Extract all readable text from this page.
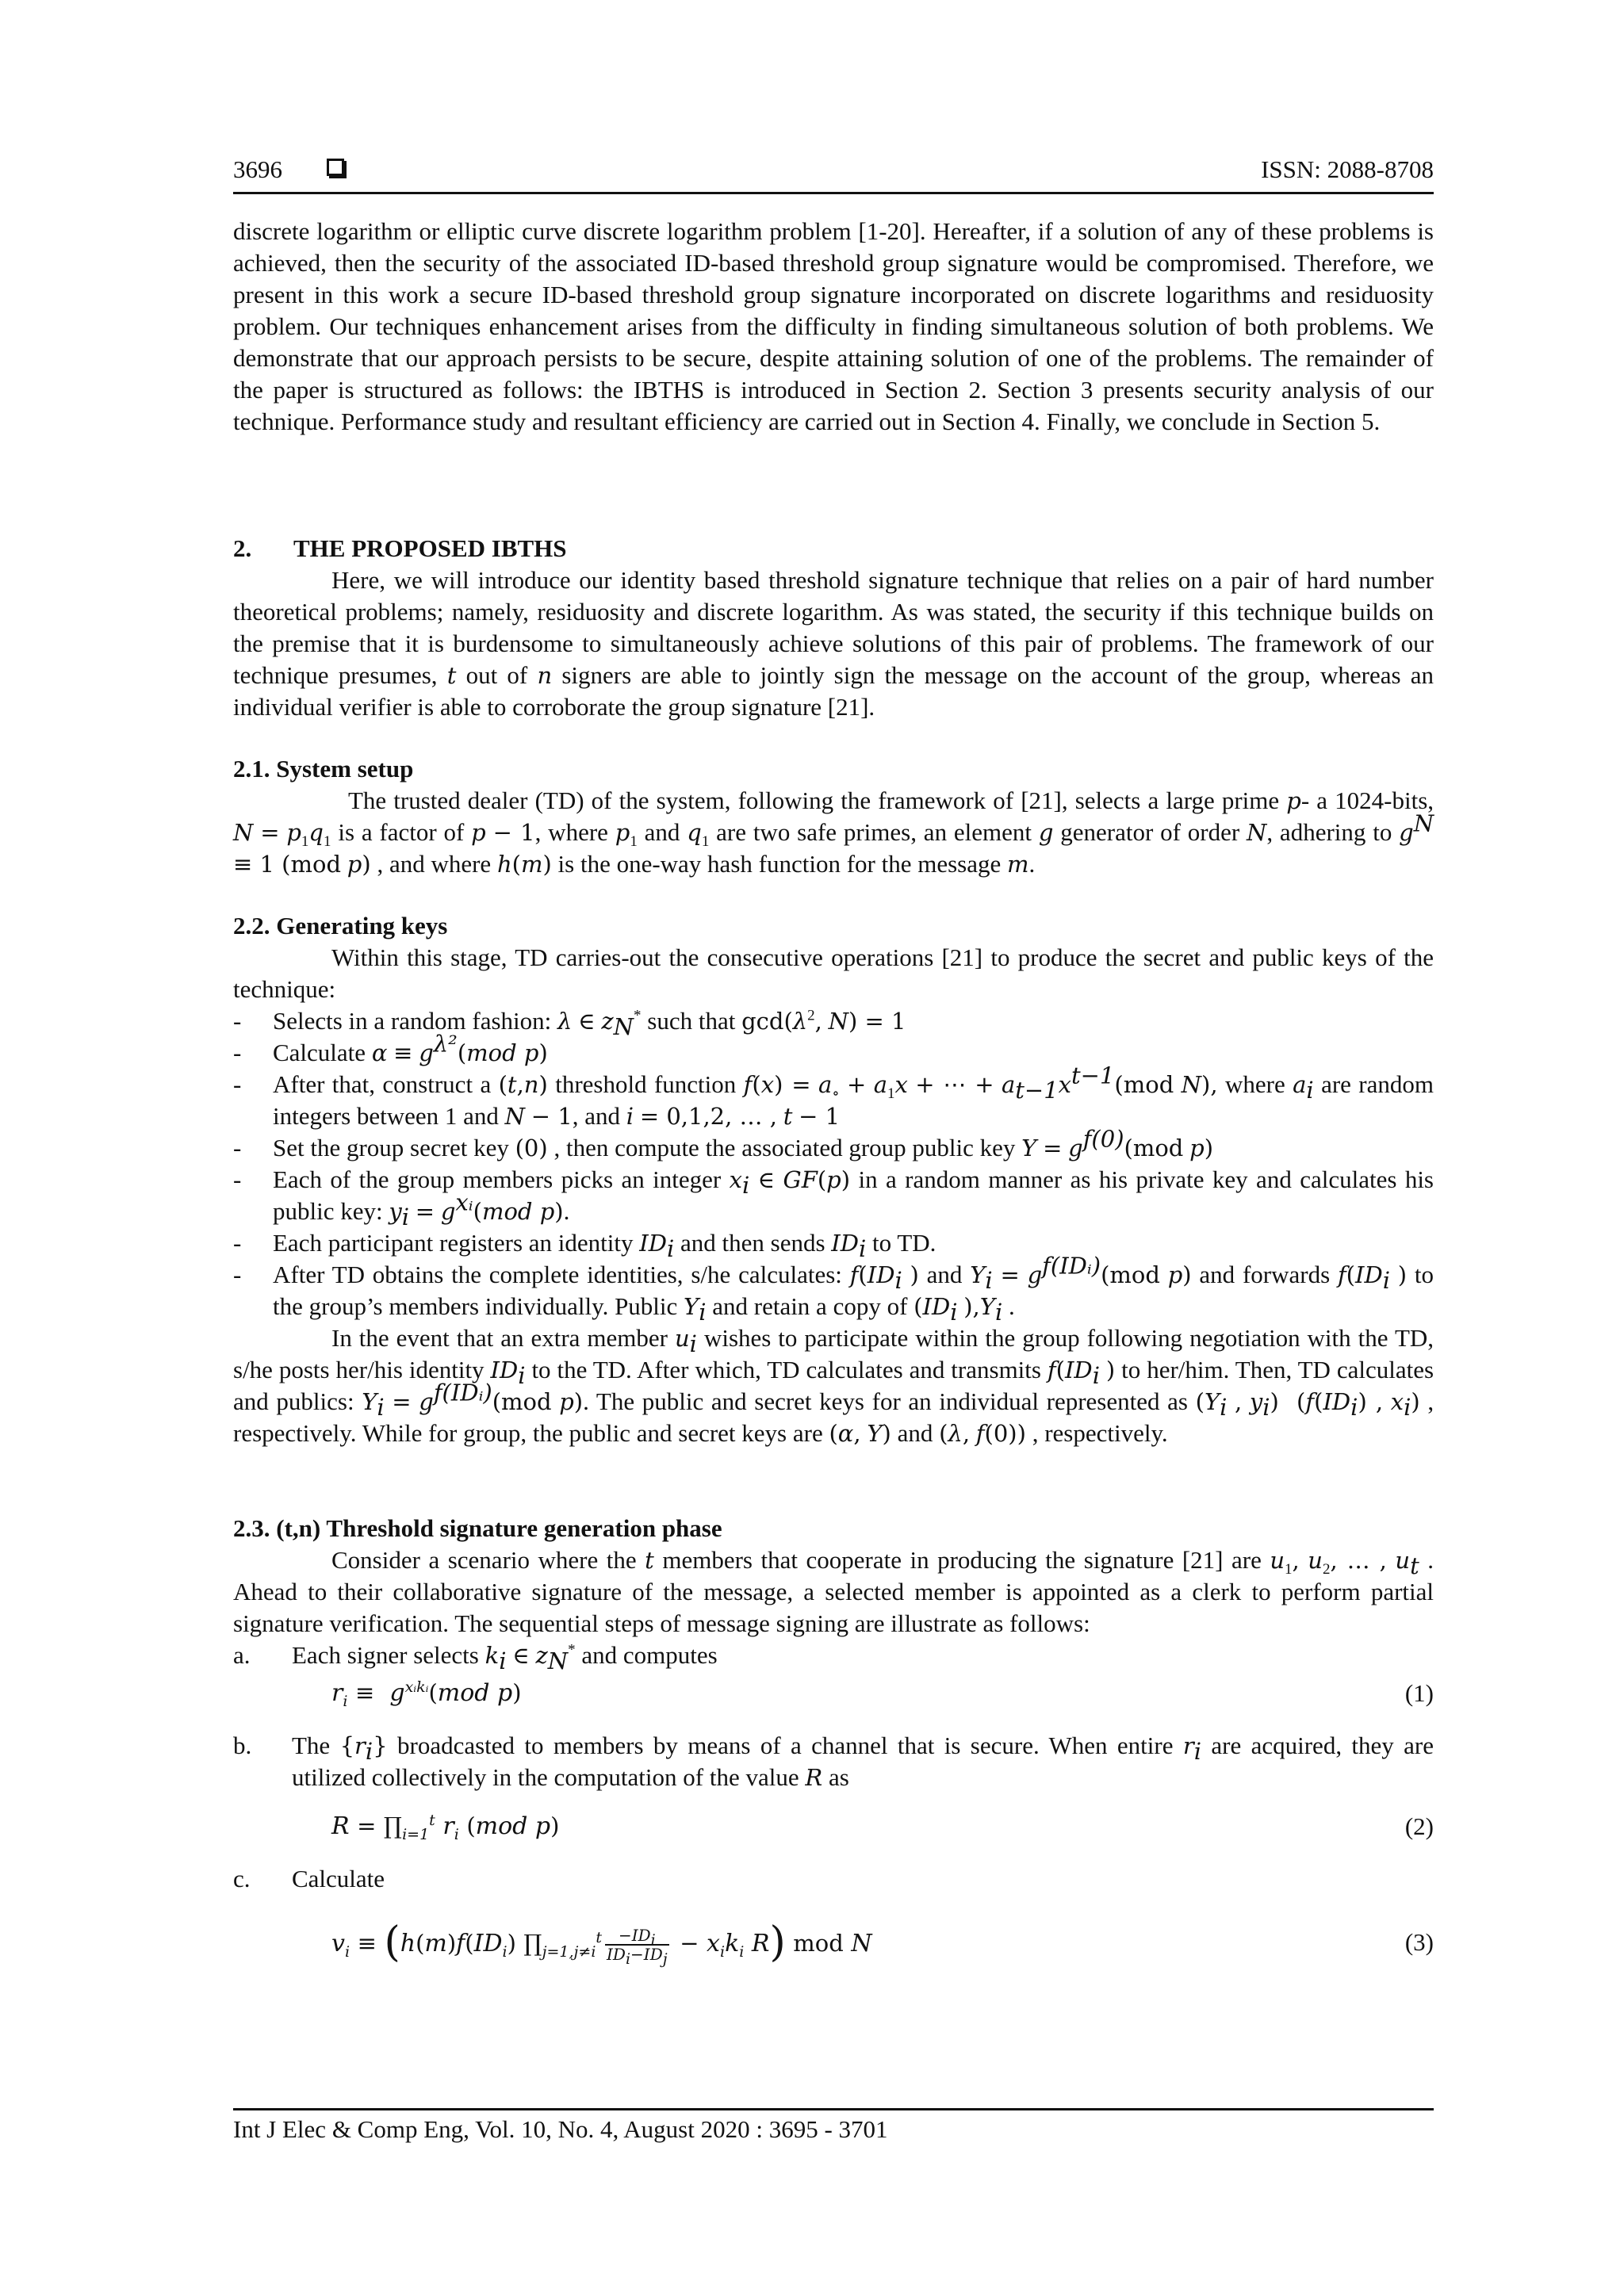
3696	ISSN: 2088-8708

discrete logarithm or elliptic curve discrete logarithm problem [1-20]. Hereafter, if a solution of any of these problems is achieved, then the security of the associated ID-based threshold group signature would be compromised. Therefore, we present in this work a secure ID-based threshold group signature incorporated on discrete logarithms and residuosity problem. Our techniques enhancement arises from the difficulty in finding simultaneous solution of both problems. We demonstrate that our approach persists to be secure, despite attaining solution of one of the problems. The remainder of the paper is structured as follows: the IBTHS is introduced in Section 2. Section 3 presents security analysis of our technique. Performance study and resultant efficiency are carried out in Section 4. Finally, we conclude in Section 5.

2. THE PROPOSED IBTHS

Here, we will introduce our identity based threshold signature technique that relies on a pair of hard number theoretical problems; namely, residuosity and discrete logarithm. As was stated, the security if this technique builds on the premise that it is burdensome to simultaneously achieve solutions of this pair of problems. The framework of our technique presumes, t out of n signers are able to jointly sign the message on the account of the group, whereas an individual verifier is able to corroborate the group signature [21].

2.1. System setup

The trusted dealer (TD) of the system, following the framework of [21], selects a large prime p- a 1024-bits, $N = p_1q_1$ is a factor of p − 1, where $p_1$ and $q_1$ are two safe primes, an element g generator of order N, adhering to $g^N \equiv 1$ (mod p) , and where h(m) is the one-way hash function for the message m.

2.2. Generating keys

Within this stage, TD carries-out the consecutive operations [21] to produce the secret and public keys of the technique:

- Selects in a random fashion: λ ∈ $z_N^*$ such that $\gcd(\lambda^2$, N) = 1
- Calculate $\alpha \equiv g^{\lambda^2}(mod$ p)
- After that, construct a (t,n) threshold function $f(x) = a_\circ + a_1x$ + ⋯ + $a_{t-1}x^{t-1}(mod$ N), where $a_i$ are random integers between 1 and N − 1, and i = 0,1,2, … , t − 1
- Set the group secret key (0) , then compute the associated group public key $Y = g^{f(0)}(mod$ p)
- Each of the group members picks an integer $x_i$ ∈ GF(p) in a random manner as his private key and calculates his public key: $y_i = g^{xᵢ}(mod$ p).
- Each participant registers an identity $ID_i$ and then sends $ID_i$ to TD.
- After TD obtains the complete identities, s/he calculates: $f(ID_i$ ) and $Y_i = g^{f(IDᵢ)}(mod$ p) and forwards $f(ID_i$ ) to the group’s members individually. Public $Y_i$ and retain a copy of ($ID_i$ )$,Y_i$ .

In the event that an extra member $u_i$ wishes to participate within the group following negotiation with the TD, s/he posts her/his identity $ID_i$ to the TD. After which, TD calculates and transmits $f(ID_i$ ) to her/him. Then, TD calculates and publics: $Y_i = g^{f(IDᵢ)}(mod$ p). The public and secret keys for an individual represented as ($Y_i$ , $y_i$)  ($f(ID_i)$ , $x_i$) , respectively. While for group, the public and secret keys are (α, Y) and (λ, f(0)) , respectively.

2.3. (t,n) Threshold signature generation phase

Consider a scenario where the t members that cooperate in producing the signature [21] are $u_1$, $u_2$, … , $u_t$ . Ahead to their collaborative signature of the message, a selected member is appointed as a clerk to perform partial signature verification. The sequential steps of message signing are illustrate as follows:

a. Each signer selects $k_i$ ∈ $z_N^*$ and computes
$r_i \equiv g^{xᵢkᵢ}(mod$ p)	(1)
b. The $\{r_i\}$ broadcasted to members by means of a channel that is secure. When entire $r_i$ are acquired, they are utilized collectively in the computation of the value R as
$R = \prod_{i=1}^t$ $r_i$ (mod p)	(2)
c. Calculate
$v_i \equiv (h(m)f(ID_i)$ $\prod_{j=1,j\ne i}^t \frac{-ID_i}{ID_i-ID_j} - x_ik_i$ R) mod N	(3)
Int J Elec & Comp Eng, Vol. 10, No. 4, August 2020 : 3695 - 3701
